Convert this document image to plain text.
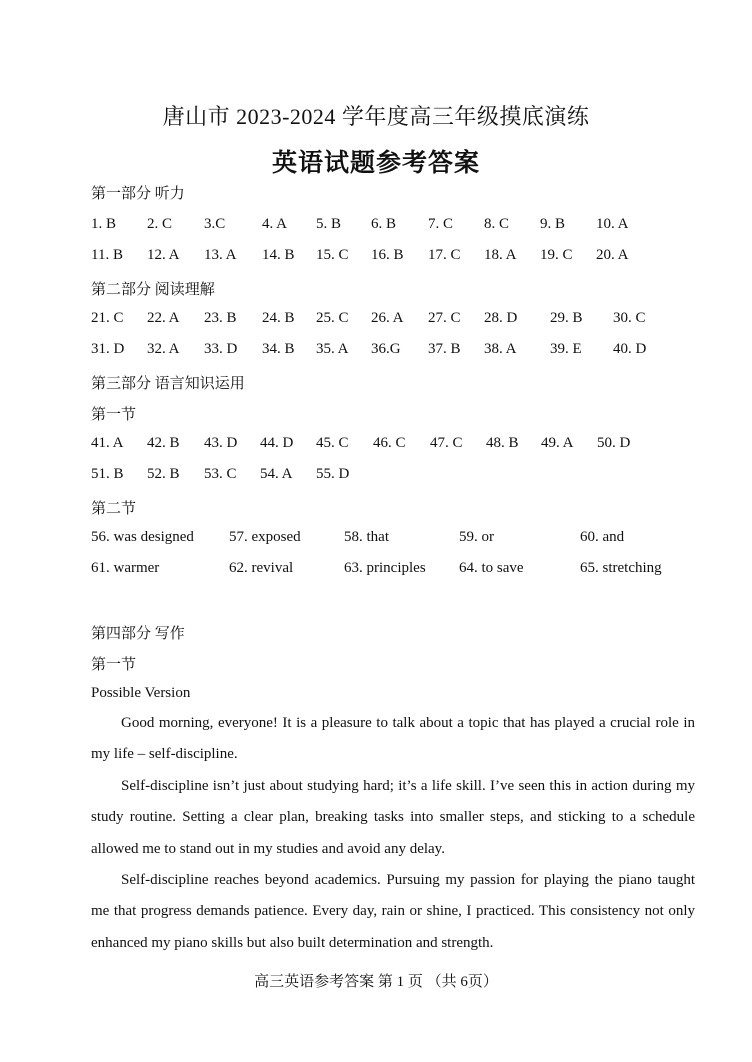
唐山市 2023-2024 学年度高三年级摸底演练
英语试题参考答案
第一部分 听力
第二部分 阅读理解
第三部分 语言知识运用
第一节
第二节
1. B 2. C 3.C 4. A 5. B 6. B 7. C 8. C 9. B 10. A
11. B 12. A 13. A 14. B 15. C 16. B 17. C 18. A 19. C 20. A
21. C 22. A 23. B 24. B 25. C 26. A 27. C 28. D 29. B 30. C
31. D 32. A 33. D 34. B 35. A 36.G 37. B 38. A 39. E 40. D
41. A 42. B 43. D 44. D 45. C 46. C 47. C 48. B 49. A 50. D
51. B 52. B 53. C 54. A 55. D
56. was designed 57. exposed	58. that	59. or	60. and
61. warmer	62. revival	63. principles 64. to save	65. stretching
第四部分 写作
第一节
Possible Version

Good morning, everyone! It is a pleasure to talk about a topic that has played a crucial role in my life – self-discipline.

Self-discipline isn’t just about studying hard; it’s a life skill. I’ve seen this in action during my study routine. Setting a clear plan, breaking tasks into smaller steps, and sticking to a schedule allowed me to stand out in my studies and avoid any delay.

Self-discipline reaches beyond academics. Pursuing my passion for playing the piano taught me that progress demands patience. Every day, rain or shine, I practiced. This consistency not only enhanced my piano skills but also built determination and strength.

高三英语参考答案 第 1 页 （共 6页）
